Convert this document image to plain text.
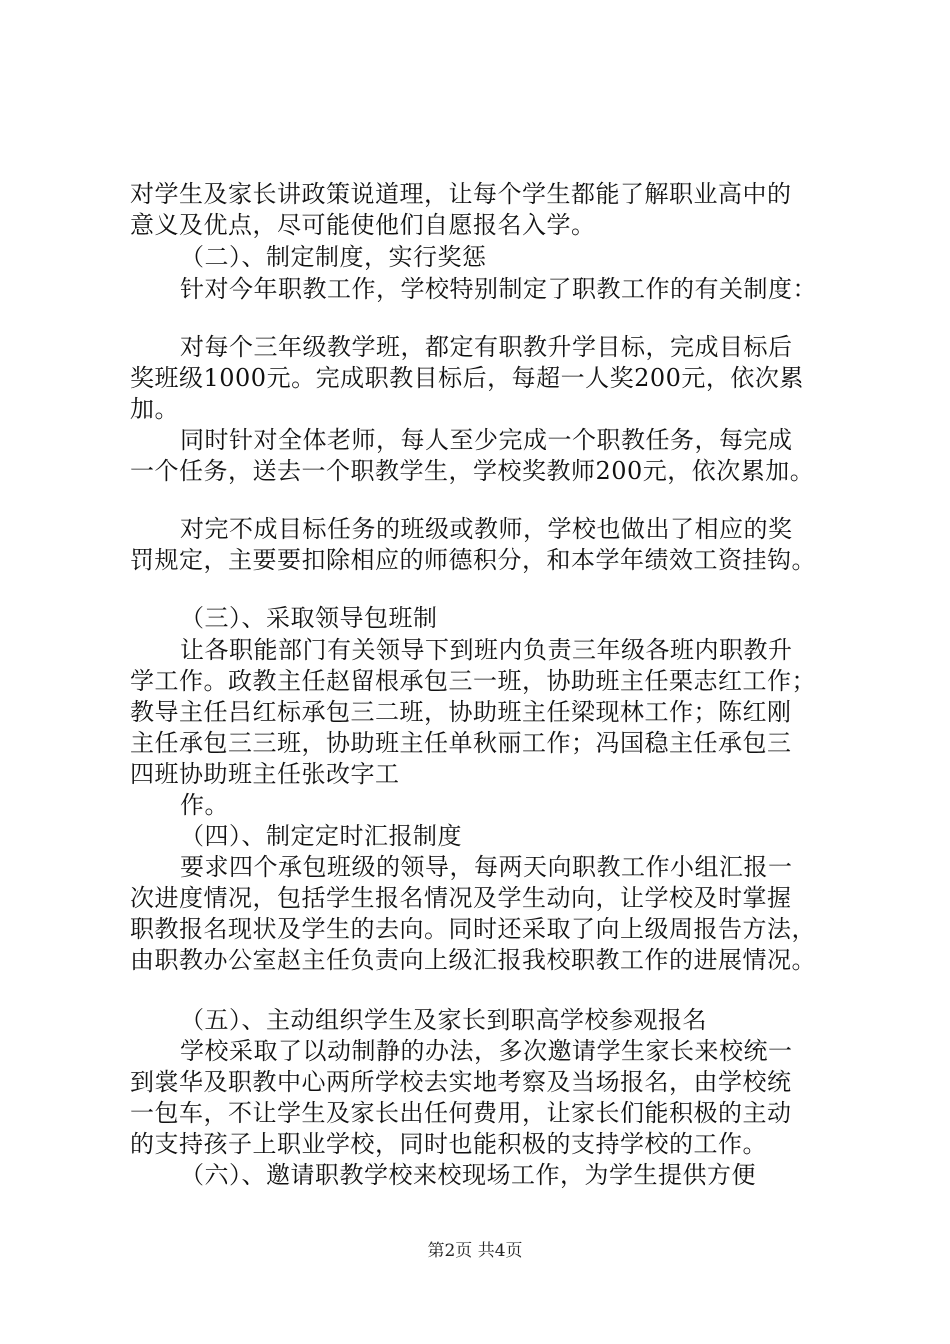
对学生及家长讲政策说道理，让每个学生都能了解职业高中的
意义及优点，尽可能使他们自愿报名入学。
（二）、制定制度，实行奖惩
针对今年职教工作，学校特别制定了职教工作的有关制度：
对每个三年级教学班，都定有职教升学目标，完成目标后
奖班级1000元。完成职教目标后，每超一人奖200元，依次累
加。
同时针对全体老师，每人至少完成一个职教任务，每完成
一个任务，送去一个职教学生，学校奖教师200元，依次累加。
对完不成目标任务的班级或教师，学校也做出了相应的奖
罚规定，主要要扣除相应的师德积分，和本学年绩效工资挂钩。
（三）、采取领导包班制
让各职能部门有关领导下到班内负责三年级各班内职教升
学工作。政教主任赵留根承包三一班，协助班主任栗志红工作；
教导主任吕红标承包三二班，协助班主任梁现林工作；陈红刚
主任承包三三班，协助班主任单秋丽工作；冯国稳主任承包三
四班协助班主任张改字工
作。
（四）、制定定时汇报制度
要求四个承包班级的领导，每两天向职教工作小组汇报一
次进度情况，包括学生报名情况及学生动向，让学校及时掌握
职教报名现状及学生的去向。同时还采取了向上级周报告方法，
由职教办公室赵主任负责向上级汇报我校职教工作的进展情况。
（五）、主动组织学生及家长到职高学校参观报名
学校采取了以动制静的办法，多次邀请学生家长来校统一
到裳华及职教中心两所学校去实地考察及当场报名，由学校统
一包车，不让学生及家长出任何费用，让家长们能积极的主动
的支持孩子上职业学校，同时也能积极的支持学校的工作。
（六）、邀请职教学校来校现场工作，为学生提供方便
第2页 共4页
